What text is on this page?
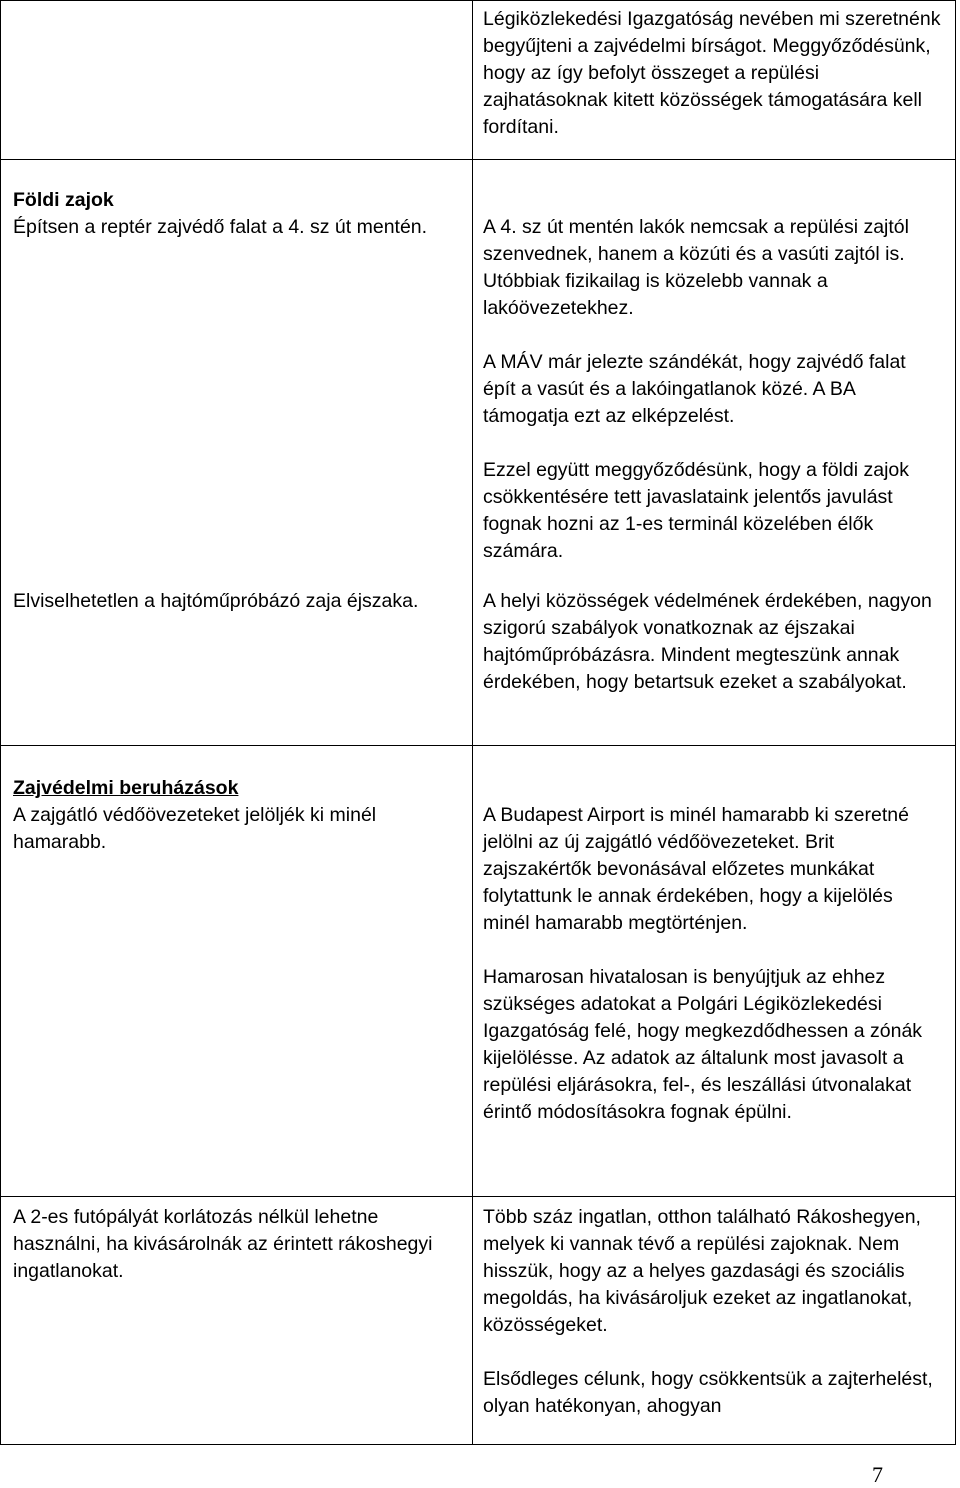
Légiközlekedési Igazgatóság nevében mi szeretnénk begyűjteni a zajvédelmi bírságot. Meggyőződésünk, hogy az így befolyt összeget a repülési zajhatásoknak kitett közösségek támogatására kell fordítani.

Földi zajok

Építsen a reptér zajvédő falat a 4. sz út mentén.	A 4. sz út mentén lakók nemcsak a repülési zajtól szenvednek, hanem a közúti és a vasúti zajtól is. Utóbbiak fizikailag is közelebb vannak a lakóövezetekhez.

A MÁV már jelezte szándékát, hogy zajvédő falat épít a vasút és a lakóingatlanok közé. A BA támogatja ezt az elképzelést.

Ezzel együtt meggyőződésünk, hogy a földi zajok csökkentésére tett javaslataink jelentős javulást fognak hozni az 1-es terminál közelében élők számára.

Elviselhetetlen a hajtóműpróbázó zaja éjszaka.	A helyi közösségek védelmének érdekében, nagyon szigorú szabályok vonatkoznak az éjszakai hajtóműpróbázásra. Mindent megteszünk annak érdekében, hogy betartsuk ezeket a szabályokat.

Zajvédelmi beruházások

A zajgátló védőövezeteket jelöljék ki minél hamarabb.

A Budapest Airport is minél hamarabb ki szeretné jelölni az új zajgátló védőövezeteket. Brit zajszakértők bevonásával előzetes munkákat folytattunk le annak érdekében, hogy a kijelölés minél hamarabb megtörténjen.

Hamarosan hivatalosan is benyújtjuk az ehhez szükséges adatokat a Polgári Légiközlekedési Igazgatóság felé, hogy megkezdődhessen a zónák kijelölésse. Az adatok az általunk most javasolt a repülési eljárásokra, fel-, és leszállási útvonalakat érintő módosításokra fognak épülni.

A 2-es futópályát korlátozás nélkül lehetne használni, ha kivásárolnák az érintett rákoshegyi ingatlanokat.

Több száz ingatlan, otthon található Rákoshegyen, melyek ki vannak tévő a repülési zajoknak. Nem hisszük, hogy az a helyes gazdasági és szociális megoldás, ha kivásároljuk ezeket az ingatlanokat, közösségeket.

Elsődleges célunk, hogy csökkentsük a zajterhelést, olyan hatékonyan, ahogyan

7
